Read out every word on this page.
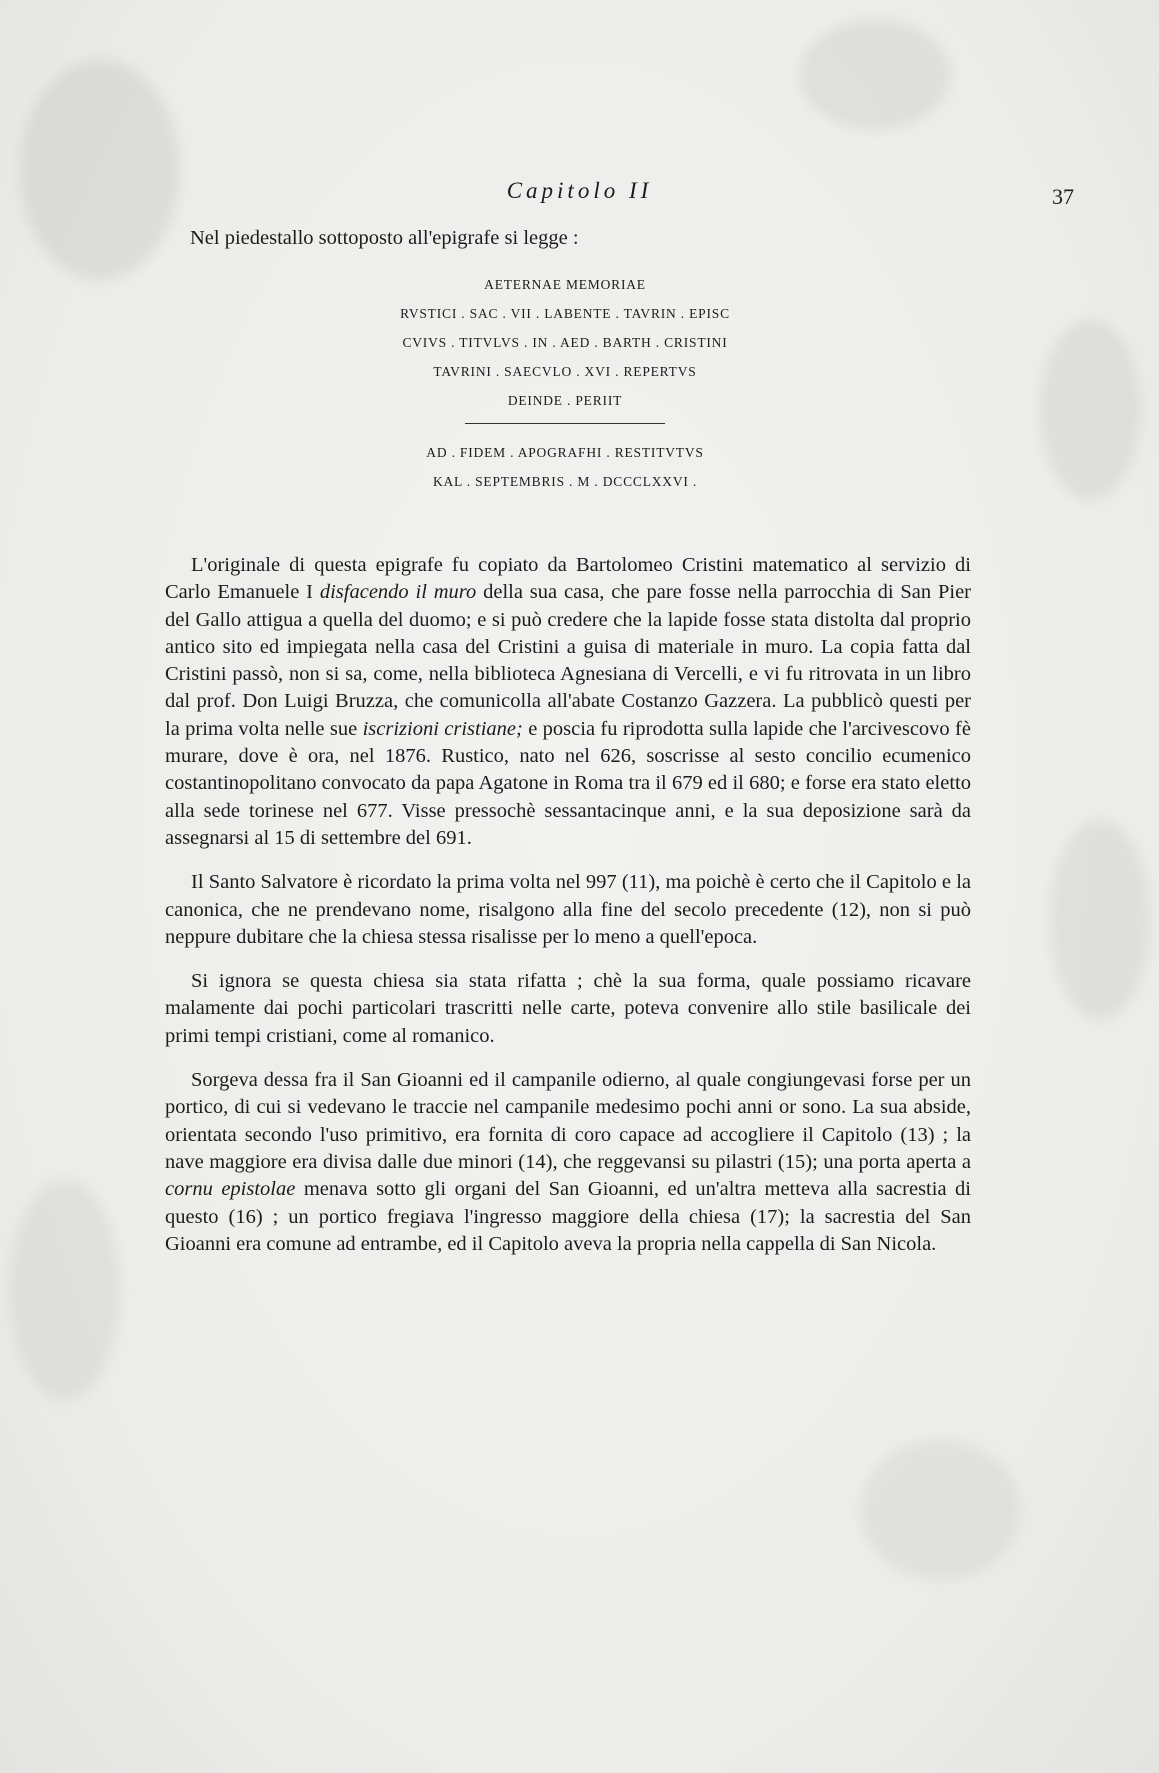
Capitolo II	37

Nel piedestallo sottoposto all'epigrafe si legge :

AETERNAE MEMORIAE
RVSTICI . SAC . VII . LABENTE . TAVRIN . EPISC
CVIVS . TITVLVS . IN . AED . BARTH . CRISTINI
TAVRINI . SAECVLO . XVI . REPERTVS
DEINDE . PERIIT
AD . FIDEM . APOGRAFHI . RESTITVTVS
KAL . SEPTEMBRIS . M . DCCCLXXVI .

L'originale di questa epigrafe fu copiato da Bartolomeo Cristini matematico al servizio di Carlo Emanuele I disfacendo il muro della sua casa, che pare fosse nella parrocchia di San Pier del Gallo attigua a quella del duomo; e si può credere che la lapide fosse stata distolta dal proprio antico sito ed impiegata nella casa del Cristini a guisa di materiale in muro. La copia fatta dal Cristini passò, non si sa, come, nella biblioteca Agnesiana di Vercelli, e vi fu ritrovata in un libro dal prof. Don Luigi Bruzza, che comunicolla all'abate Costanzo Gazzera. La pubblicò questi per la prima volta nelle sue iscrizioni cristiane; e poscia fu riprodotta sulla lapide che l'arcivescovo fè murare, dove è ora, nel 1876. Rustico, nato nel 626, soscrisse al sesto concilio ecumenico costantinopolitano convocato da papa Agatone in Roma tra il 679 ed il 680; e forse era stato eletto alla sede torinese nel 677. Visse pressochè sessantacinque anni, e la sua deposizione sarà da assegnarsi al 15 di settembre del 691.

Il Santo Salvatore è ricordato la prima volta nel 997 (11), ma poichè è certo che il Capitolo e la canonica, che ne prendevano nome, risalgono alla fine del secolo precedente (12), non si può neppure dubitare che la chiesa stessa risalisse per lo meno a quell'epoca.

Si ignora se questa chiesa sia stata rifatta ; chè la sua forma, quale possiamo ricavare malamente dai pochi particolari trascritti nelle carte, poteva convenire allo stile basilicale dei primi tempi cristiani, come al romanico.

Sorgeva dessa fra il San Gioanni ed il campanile odierno, al quale congiungevasi forse per un portico, di cui si vedevano le traccie nel campanile medesimo pochi anni or sono. La sua abside, orientata secondo l'uso primitivo, era fornita di coro capace ad accogliere il Capitolo (13) ; la nave maggiore era divisa dalle due minori (14), che reggevansi su pilastri (15); una porta aperta a cornu epistolae menava sotto gli organi del San Gioanni, ed un'altra metteva alla sacrestia di questo (16) ; un portico fregiava l'ingresso maggiore della chiesa (17); la sacrestia del San Gioanni era comune ad entrambe, ed il Capitolo aveva la propria nella cappella di San Nicola.
